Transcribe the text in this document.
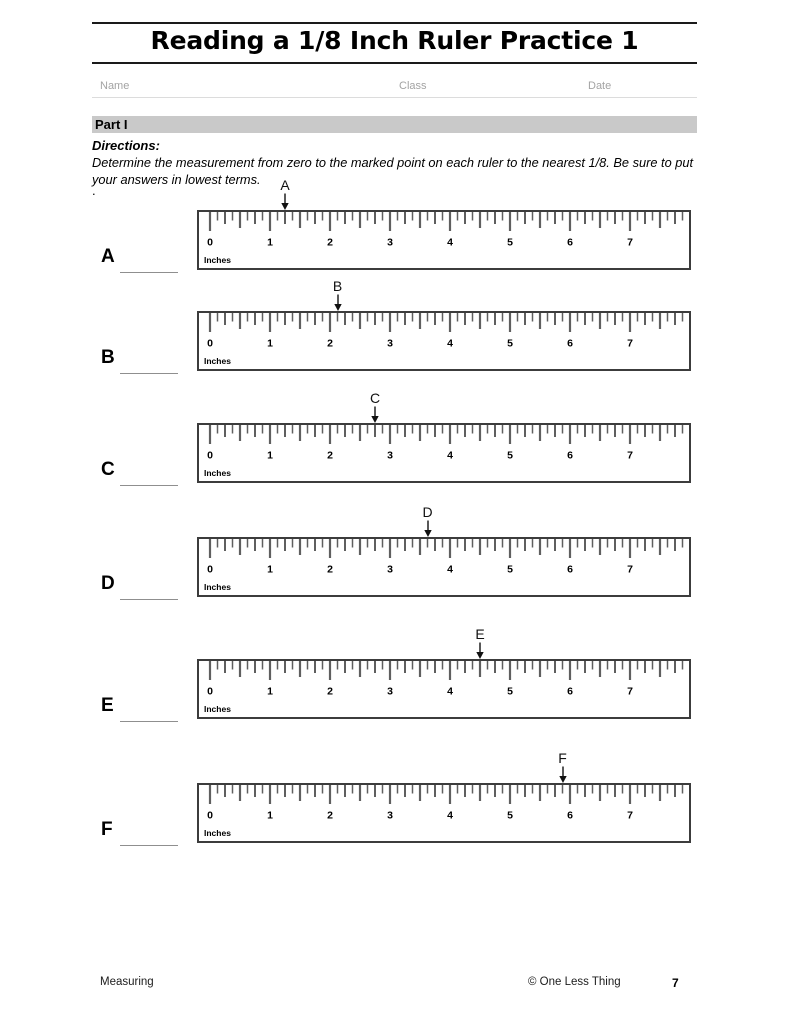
Reading a 1/8 Inch Ruler Practice 1
Name	Class	Date
Part I
Directions:
Determine the measurement from zero to the marked point on each ruler to the nearest 1/8. Be sure to put
your answers in lowest terms.
.
A
A
0	1	2	3	4	5	6	7
Inches
B
B
0	1	2	3	4	5	6	7
Inches
C
C
0	1	2	3	4	5	6	7
Inches
D
D
0	1	2	3	4	5	6	7
Inches
E
E
0	1	2	3	4	5	6	7
Inches
F
F
0	1	2	3	4	5	6	7
Inches
Measuring	© One Less Thing	7
